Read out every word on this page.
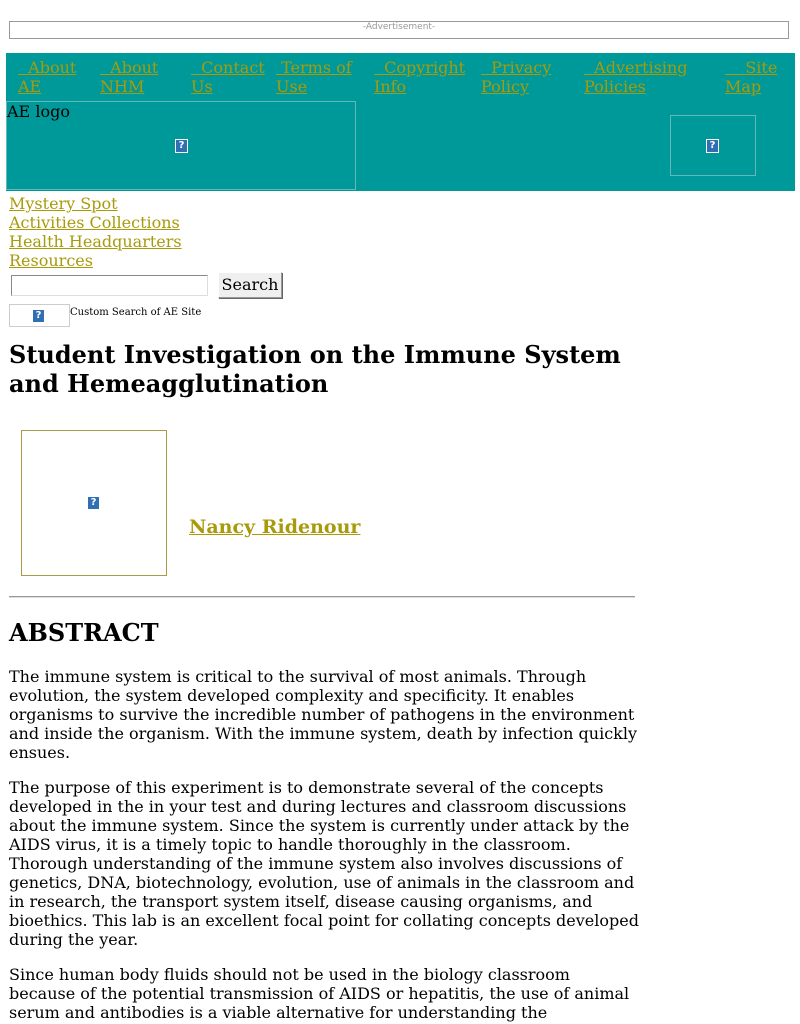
-Advertisement-
About
AE
About
NHM
Contact
Us
Terms of
Use
Copyright
Info
Privacy
Policy
Advertising
Policies
Site
Map
AE logo
?	?
Mystery Spot
Activities Collections
Health Headquarters
Resources
Search
?	Custom Search of AE Site
Student Investigation on the Immune System and Hemeagglutination
?
Nancy Ridenour
ABSTRACT

The immune system is critical to the survival of most animals. Through evolution, the system developed complexity and specificity. It enables organisms to survive the incredible number of pathogens in the environment and inside the organism. With the immune system, death by infection quickly ensues.

The purpose of this experiment is to demonstrate several of the concepts developed in the in your test and during lectures and classroom discussions about the immune system. Since the system is currently under attack by the AIDS virus, it is a timely topic to handle thoroughly in the classroom. Thorough understanding of the immune system also involves discussions of genetics, DNA, biotechnology, evolution, use of animals in the classroom and in research, the transport system itself, disease causing organisms, and bioethics. This lab is an excellent focal point for collating concepts developed during the year.

Since human body fluids should not be used in the biology classroom because of the potential transmission of AIDS or hepatitis, the use of animal serum and antibodies is a viable alternative for understanding the
